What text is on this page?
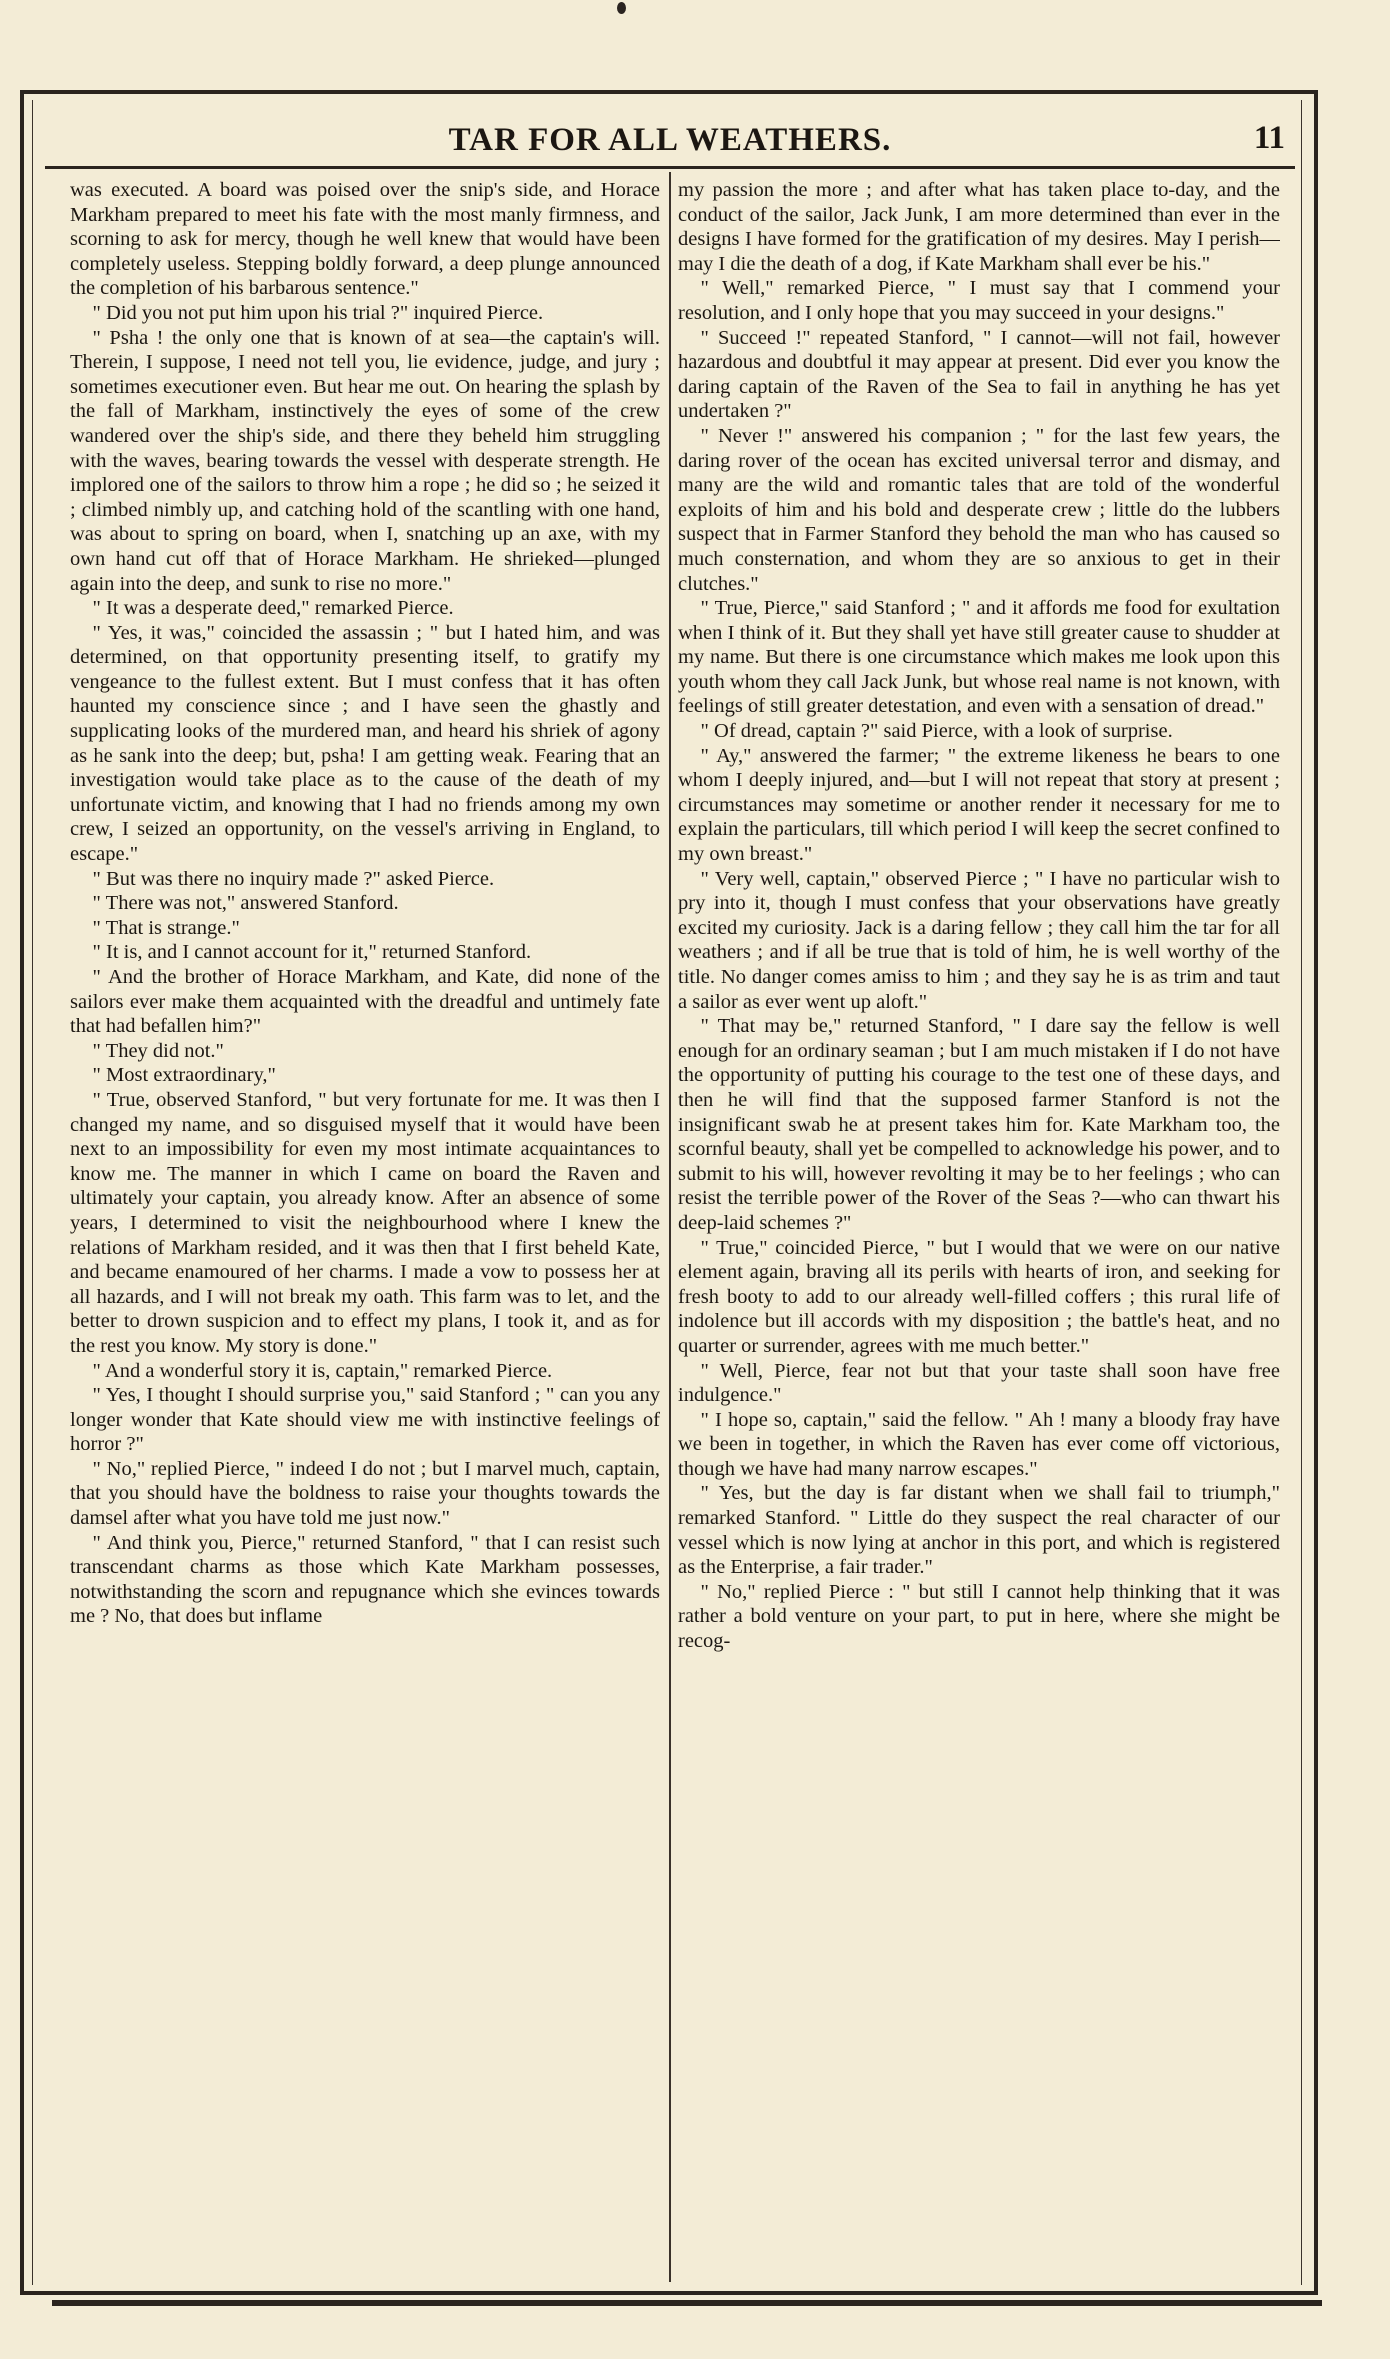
TAR FOR ALL WEATHERS.	11

was executed. A board was poised over the snip's side, and Horace Markham prepared to meet his fate with the most manly firmness, and scorning to ask for mercy, though he well knew that would have been completely useless. Stepping boldly forward, a deep plunge announced the completion of his barbarous sentence."

" Did you not put him upon his trial ?" inquired Pierce.

" Psha ! the only one that is known of at sea—the captain's will. Therein, I suppose, I need not tell you, lie evidence, judge, and jury ; sometimes executioner even. But hear me out. On hearing the splash by the fall of Markham, instinctively the eyes of some of the crew wandered over the ship's side, and there they beheld him struggling with the waves, bearing towards the vessel with desperate strength. He implored one of the sailors to throw him a rope ; he did so ; he seized it ; climbed nimbly up, and catching hold of the scantling with one hand, was about to spring on board, when I, snatching up an axe, with my own hand cut off that of Horace Markham. He shrieked—plunged again into the deep, and sunk to rise no more."

" It was a desperate deed," remarked Pierce.

" Yes, it was," coincided the assassin ; " but I hated him, and was determined, on that opportunity presenting itself, to gratify my vengeance to the fullest extent. But I must confess that it has often haunted my conscience since ; and I have seen the ghastly and supplicating looks of the murdered man, and heard his shriek of agony as he sank into the deep; but, psha! I am getting weak. Fearing that an investigation would take place as to the cause of the death of my unfortunate victim, and knowing that I had no friends among my own crew, I seized an opportunity, on the vessel's arriving in England, to escape."

" But was there no inquiry made ?" asked Pierce.

" There was not," answered Stanford.

" That is strange."

" It is, and I cannot account for it," returned Stanford.

" And the brother of Horace Markham, and Kate, did none of the sailors ever make them acquainted with the dreadful and untimely fate that had befallen him?"

" They did not."

" Most extraordinary,"

" True, observed Stanford, " but very fortunate for me. It was then I changed my name, and so disguised myself that it would have been next to an impossibility for even my most intimate acquaintances to know me. The manner in which I came on board the Raven and ultimately your captain, you already know. After an absence of some years, I determined to visit the neighbourhood where I knew the relations of Markham resided, and it was then that I first beheld Kate, and became enamoured of her charms. I made a vow to possess her at all hazards, and I will not break my oath. This farm was to let, and the better to drown suspicion and to effect my plans, I took it, and as for the rest you know. My story is done."

" And a wonderful story it is, captain," remarked Pierce.

" Yes, I thought I should surprise you," said Stanford ; " can you any longer wonder that Kate should view me with instinctive feelings of horror ?"

" No," replied Pierce, " indeed I do not ; but I marvel much, captain, that you should have the boldness to raise your thoughts towards the damsel after what you have told me just now."

" And think you, Pierce," returned Stanford, " that I can resist such transcendant charms as those which Kate Markham possesses, notwithstanding the scorn and repugnance which she evinces towards me ? No, that does but inflame

my passion the more ; and after what has taken place to-day, and the conduct of the sailor, Jack Junk, I am more determined than ever in the designs I have formed for the gratification of my desires. May I perish—may I die the death of a dog, if Kate Markham shall ever be his."

" Well," remarked Pierce, " I must say that I commend your resolution, and I only hope that you may succeed in your designs."

" Succeed !" repeated Stanford, " I cannot—will not fail, however hazardous and doubtful it may appear at present. Did ever you know the daring captain of the Raven of the Sea to fail in anything he has yet undertaken ?"

" Never !" answered his companion ; " for the last few years, the daring rover of the ocean has excited universal terror and dismay, and many are the wild and romantic tales that are told of the wonderful exploits of him and his bold and desperate crew ; little do the lubbers suspect that in Farmer Stanford they behold the man who has caused so much consternation, and whom they are so anxious to get in their clutches."

" True, Pierce," said Stanford ; " and it affords me food for exultation when I think of it. But they shall yet have still greater cause to shudder at my name. But there is one circumstance which makes me look upon this youth whom they call Jack Junk, but whose real name is not known, with feelings of still greater detestation, and even with a sensation of dread."

" Of dread, captain ?" said Pierce, with a look of surprise.

" Ay," answered the farmer; " the extreme likeness he bears to one whom I deeply injured, and—but I will not repeat that story at present ; circumstances may sometime or another render it necessary for me to explain the particulars, till which period I will keep the secret confined to my own breast."

" Very well, captain," observed Pierce ; " I have no particular wish to pry into it, though I must confess that your observations have greatly excited my curiosity. Jack is a daring fellow ; they call him the tar for all weathers ; and if all be true that is told of him, he is well worthy of the title. No danger comes amiss to him ; and they say he is as trim and taut a sailor as ever went up aloft."

" That may be," returned Stanford, " I dare say the fellow is well enough for an ordinary seaman ; but I am much mistaken if I do not have the opportunity of putting his courage to the test one of these days, and then he will find that the supposed farmer Stanford is not the insignificant swab he at present takes him for. Kate Markham too, the scornful beauty, shall yet be compelled to acknowledge his power, and to submit to his will, however revolting it may be to her feelings ; who can resist the terrible power of the Rover of the Seas ?—who can thwart his deep-laid schemes ?"

" True," coincided Pierce, " but I would that we were on our native element again, braving all its perils with hearts of iron, and seeking for fresh booty to add to our already well-filled coffers ; this rural life of indolence but ill accords with my disposition ; the battle's heat, and no quarter or surrender, agrees with me much better."

" Well, Pierce, fear not but that your taste shall soon have free indulgence."

" I hope so, captain," said the fellow. " Ah ! many a bloody fray have we been in together, in which the Raven has ever come off victorious, though we have had many narrow escapes."

" Yes, but the day is far distant when we shall fail to triumph," remarked Stanford. " Little do they suspect the real character of our vessel which is now lying at anchor in this port, and which is registered as the Enterprise, a fair trader."

" No," replied Pierce : " but still I cannot help thinking that it was rather a bold venture on your part, to put in here, where she might be recog-
